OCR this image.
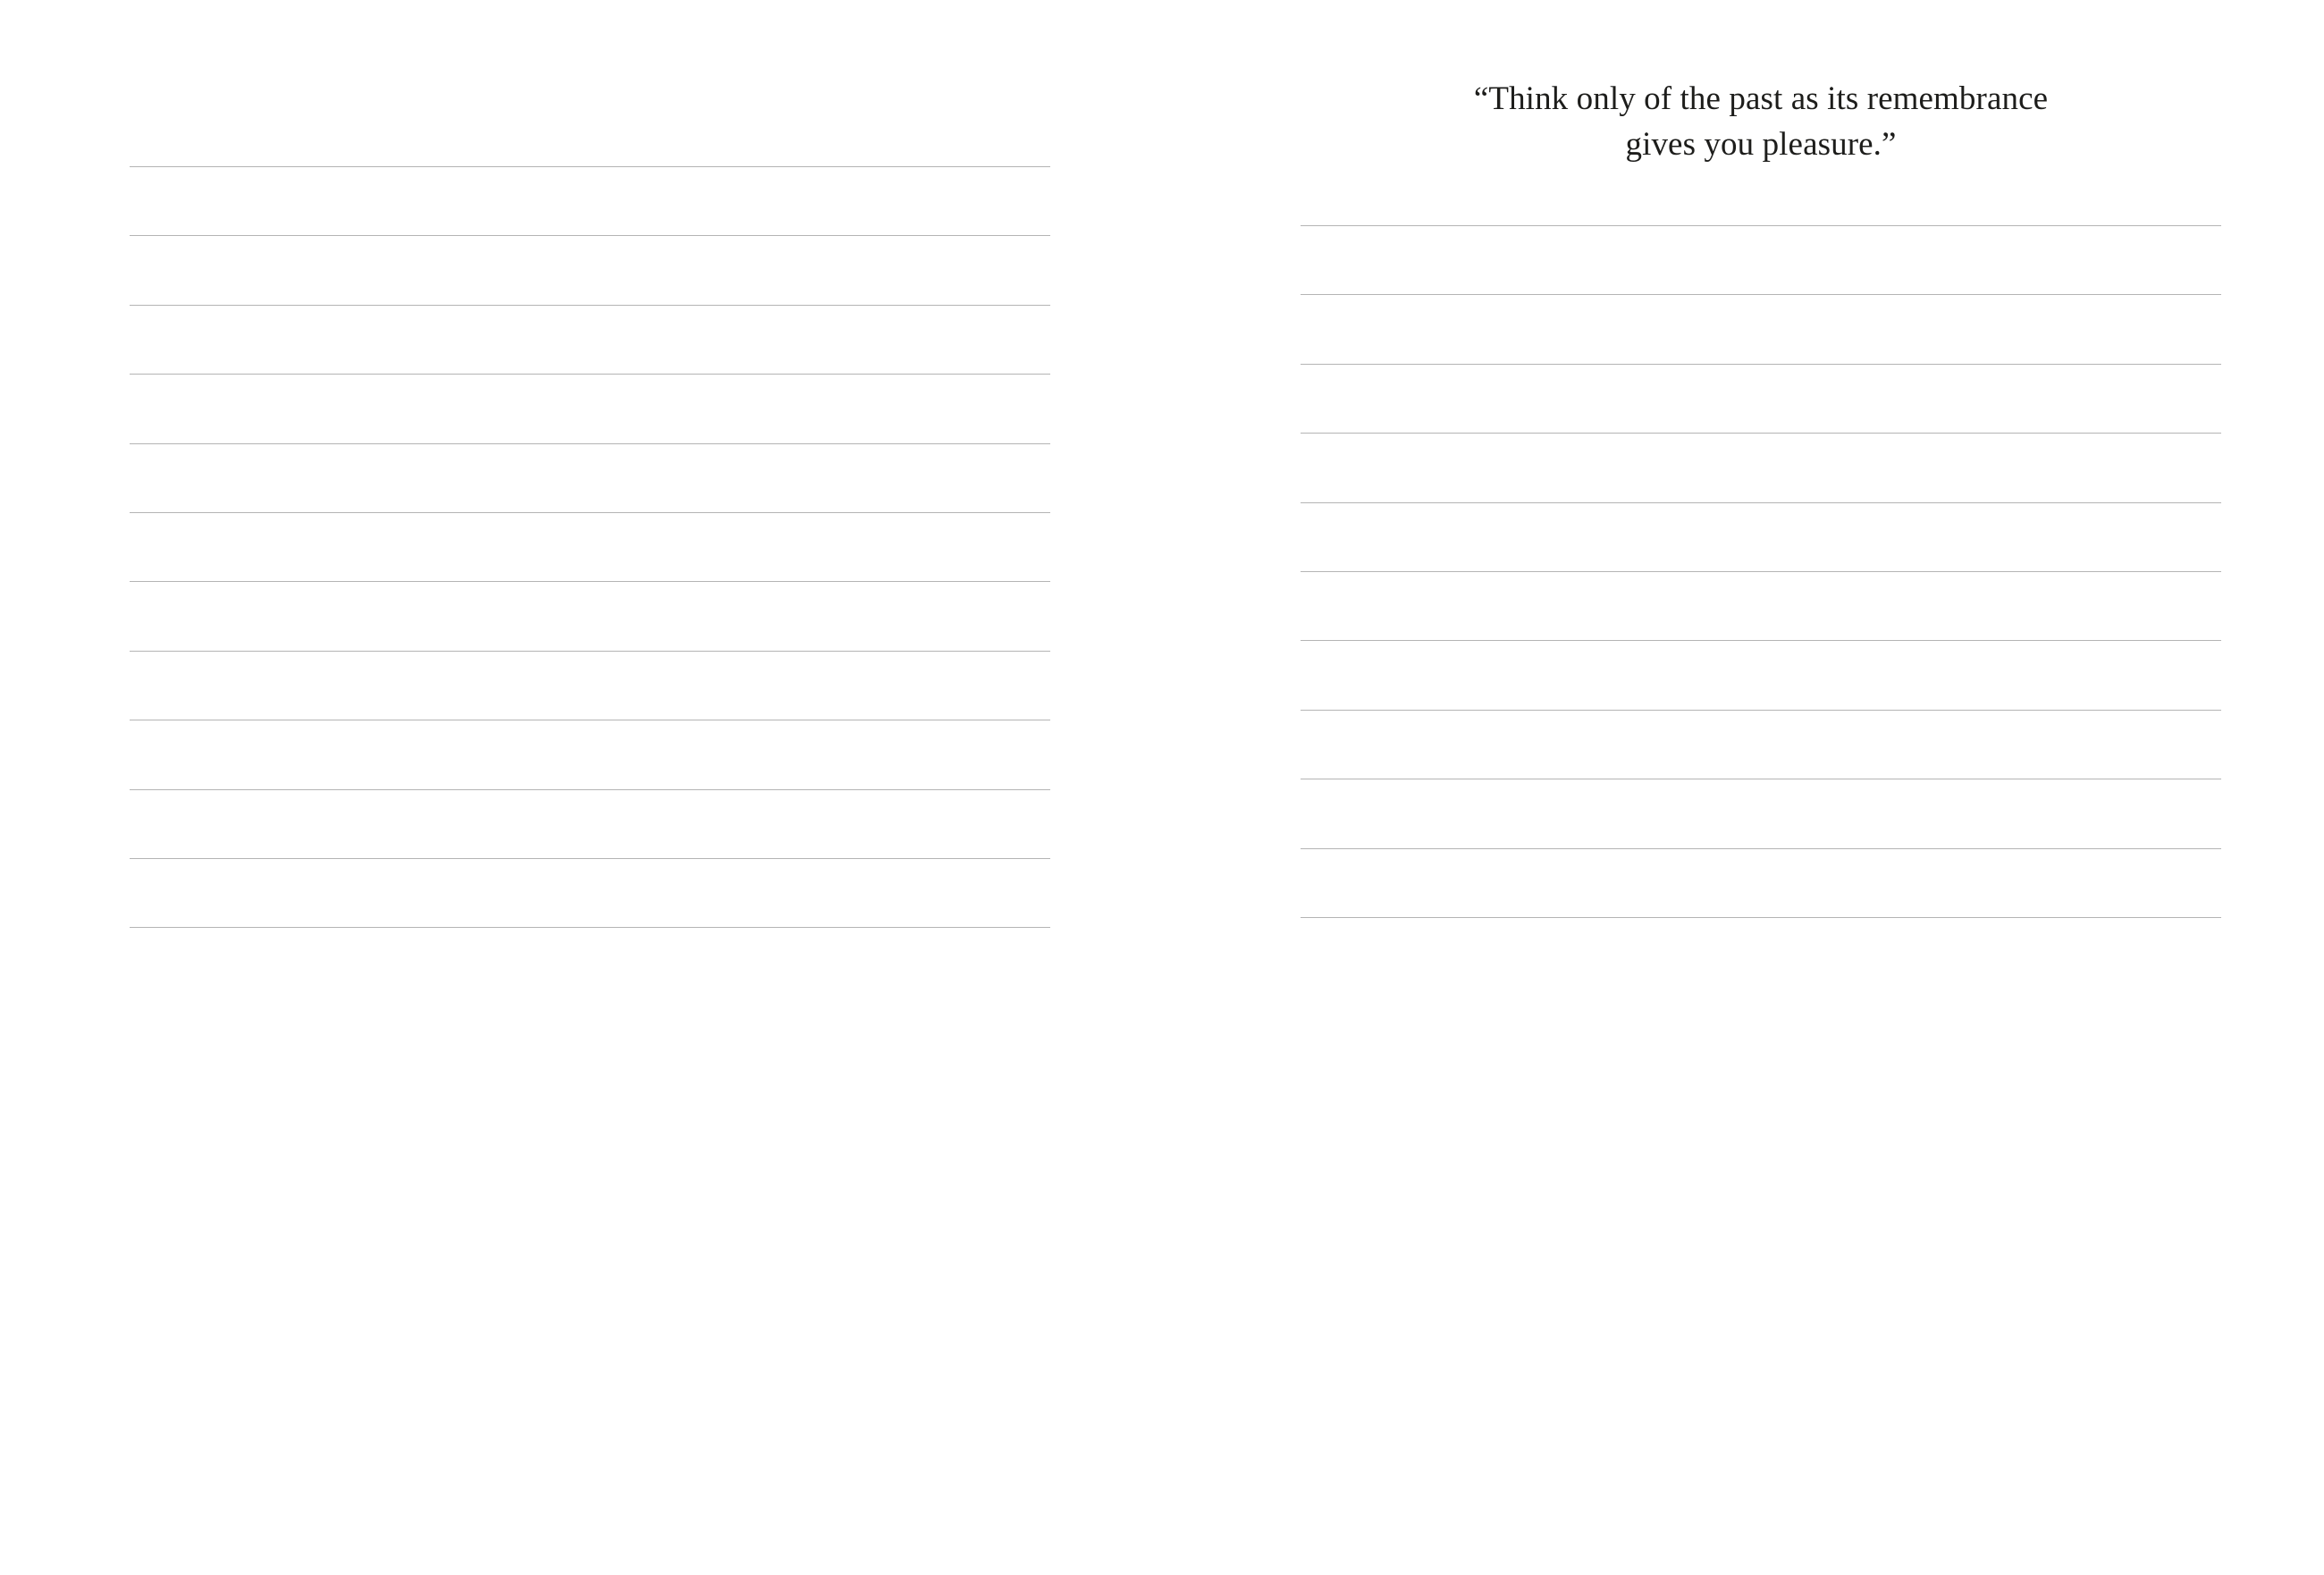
“Think only of the past as its remembrance
gives you pleasure.”
